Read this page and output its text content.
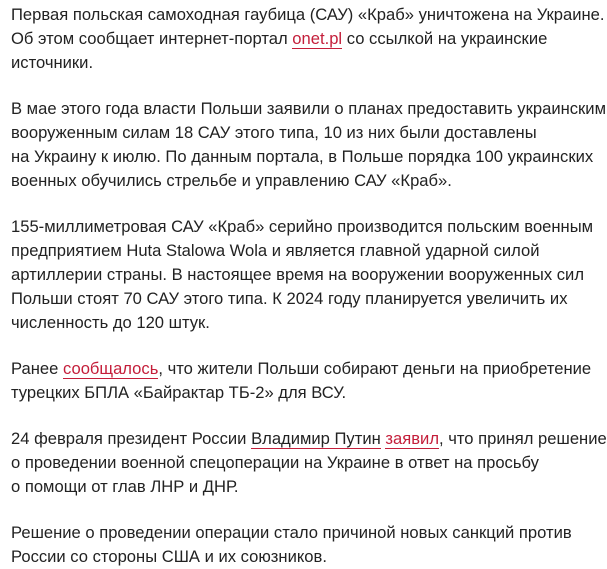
Первая польская самоходная гаубица (САУ) «Краб» уничтожена на Украине.
Об этом сообщает интернет-портал onet.pl со ссылкой на украинские
источники.

В мае этого года власти Польши заявили о планах предоставить украинским
вооруженным силам 18 САУ этого типа, 10 из них были доставлены
на Украину к июлю. По данным портала, в Польше порядка 100 украинских
военных обучились стрельбе и управлению САУ «Краб».

155-миллиметровая САУ «Краб» серийно производится польским военным
предприятием Huta Stalowa Wola и является главной ударной силой
артиллерии страны. В настоящее время на вооружении вооруженных сил
Польши стоят 70 САУ этого типа. К 2024 году планируется увеличить их
численность до 120 штук.

Ранее сообщалось, что жители Польши собирают деньги на приобретение
турецких БПЛА «Байрактар ТБ-2» для ВСУ.

24 февраля президент России Владимир Путин заявил, что принял решение
о проведении военной спецоперации на Украине в ответ на просьбу
о помощи от глав ЛНР и ДНР.

Решение о проведении операции стало причиной новых санкций против
России со стороны США и их союзников.
